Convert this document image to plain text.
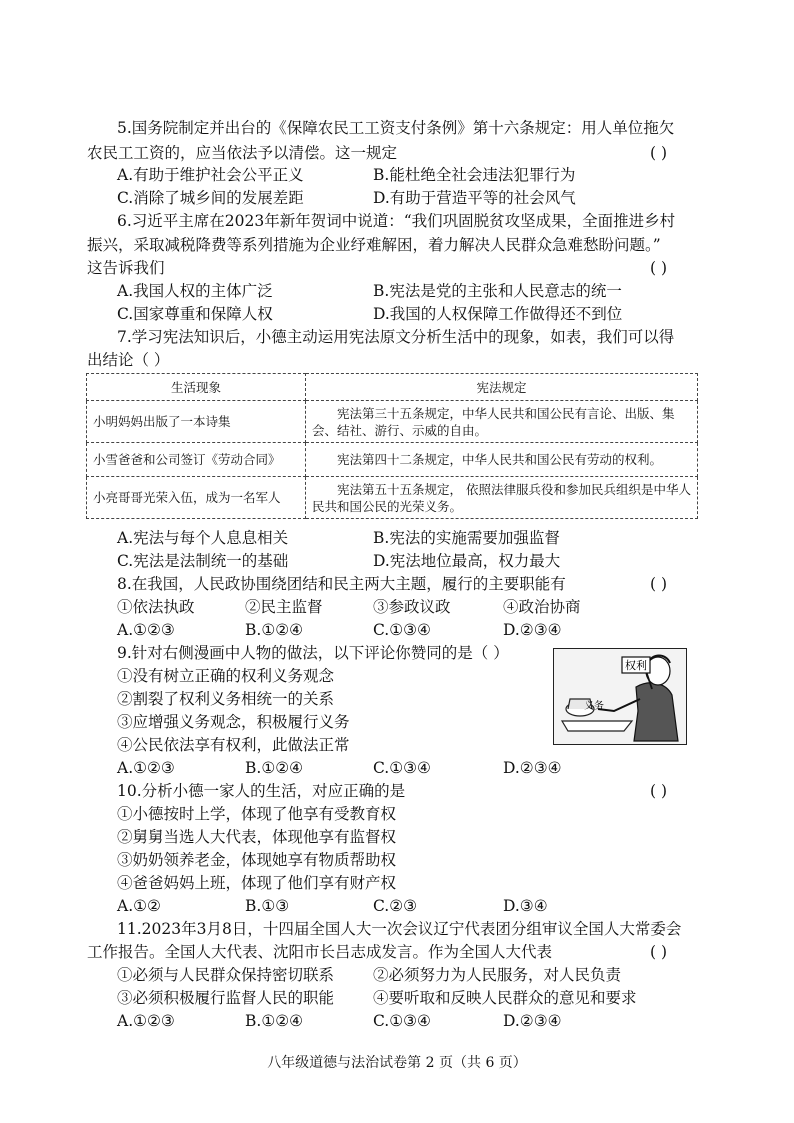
5.国务院制定并出台的《保障农民工工资支付条例》第十六条规定：用人单位拖欠
农民工工资的，应当依法予以清偿。这一规定	( )
A.有助于维护社会公平正义	B.能杜绝全社会违法犯罪行为
C.消除了城乡间的发展差距	D.有助于营造平等的社会风气
6.习近平主席在2023年新年贺词中说道：“我们巩固脱贫攻坚成果，全面推进乡村
振兴，采取减税降费等系列措施为企业纾难解困，着力解决人民群众急难愁盼问题。”
这告诉我们	( )
A.我国人权的主体广泛	B.宪法是党的主张和人民意志的统一
C.国家尊重和保障人权	D.我国的人权保障工作做得还不到位
7.学习宪法知识后，小德主动运用宪法原文分析生活中的现象，如表，我们可以得
出结论（ ）
生活现象	宪法规定
小明妈妈出版了一本诗集	宪法第三十五条规定，中华人民共和国公民有言论、出版、集会、结社、游行、示威的自由。
小雪爸爸和公司签订《劳动合同》	宪法第四十二条规定，中华人民共和国公民有劳动的权利。
小亮哥哥光荣入伍，成为一名军人	宪法第五十五条规定， 依照法律服兵役和参加民兵组织是中华人民共和国公民的光荣义务。
A.宪法与每个人息息相关	B.宪法的实施需要加强监督
C.宪法是法制统一的基础	D.宪法地位最高，权力最大
8.在我国，人民政协围绕团结和民主两大主题，履行的主要职能有	( )
①依法执政	②民主监督	③参政议政	④政治协商
A.①②③	B.①②④	C.①③④	D.②③④
9.针对右侧漫画中人物的做法，以下评论你赞同的是（ ）
①没有树立正确的权利义务观念
②割裂了权利义务相统一的关系
③应增强义务观念，积极履行义务
④公民依法享有权利，此做法正常
A.①②③	B.①②④	C.①③④	D.②③④
权利
义务
10.分析小德一家人的生活，对应正确的是	( )
①小德按时上学，体现了他享有受教育权
②舅舅当选人大代表，体现他享有监督权
③奶奶领养老金，体现她享有物质帮助权
④爸爸妈妈上班，体现了他们享有财产权
A.①②	B.①③	C.②③	D.③④
11.2023年3月8日，十四届全国人大一次会议辽宁代表团分组审议全国人大常委会
工作报告。全国人大代表、沈阳市长吕志成发言。作为全国人大代表	( )
①必须与人民群众保持密切联系	②必须努力为人民服务，对人民负责
③必须积极履行监督人民的职能	④要听取和反映人民群众的意见和要求
A.①②③	B.①②④	C.①③④	D.②③④
八年级道德与法治试卷第 2 页（共 6 页）
